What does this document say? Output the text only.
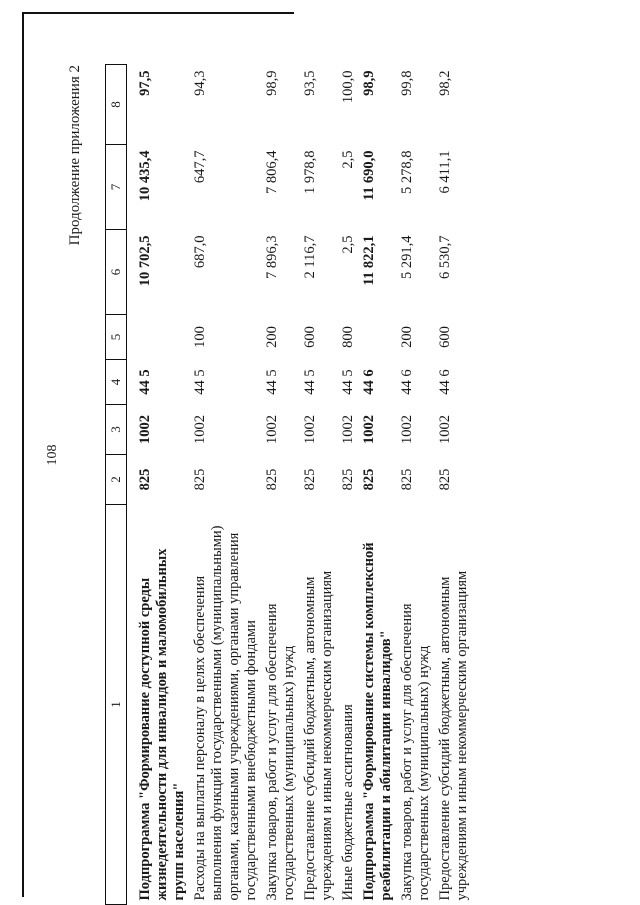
108
Продолжение приложения 2
1	2	3	4	5	6	7	8
Подпрограмма "Формирование доступной среды жизнедеятельности для инвалидов и маломобильных групп населения"	825	1002	44 5		10 702,5	10 435,4	97,5
Расходы на выплаты персоналу в целях обеспечения выполнения функций государственными (муниципальными) органами, казенными учреждениями, органами управления государственными внебюджетными фондами	825	1002	44 5	100	687,0	647,7	94,3
Закупка товаров, работ и услуг для обеспечения государственных (муниципальных) нужд	825	1002	44 5	200	7 896,3	7 806,4	98,9
Предоставление субсидий бюджетным, автономным учреждениям и иным некоммерческим организациям	825	1002	44 5	600	2 116,7	1 978,8	93,5
Иные бюджетные ассигнования	825	1002	44 5	800	2,5	2,5	100,0
Подпрограмма "Формирование системы комплексной реабилитации и абилитации инвалидов"	825	1002	44 6		11 822,1	11 690,0	98,9
Закупка товаров, работ и услуг для обеспечения государственных (муниципальных) нужд	825	1002	44 6	200	5 291,4	5 278,8	99,8
Предоставление субсидий бюджетным, автономным учреждениям и иным некоммерческим организациям	825	1002	44 6	600	6 530,7	6 411,1	98,2
